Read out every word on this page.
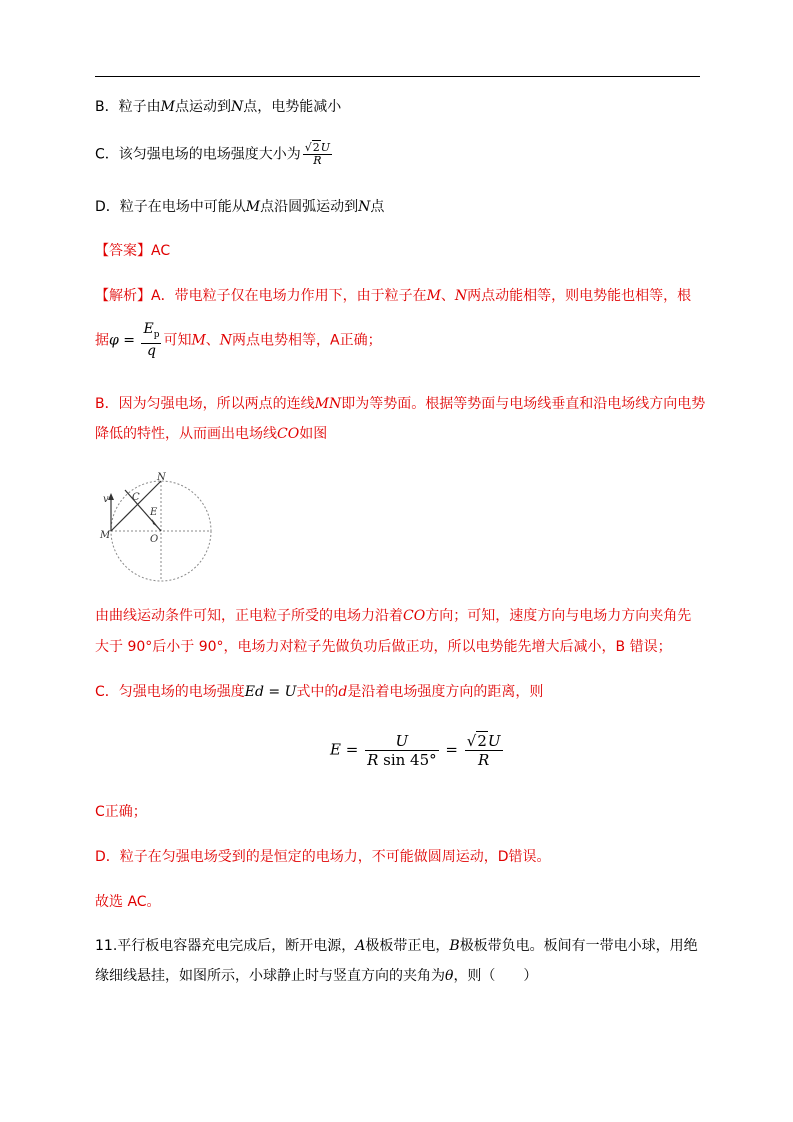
B．粒子由M点运动到N点，电势能减小
C．该匀强电场的电场强度大小为 $\frac{√2U}{R}$
D．粒子在电场中可能从M点沿圆弧运动到N点
【答案】AC
【解析】A．带电粒子仅在电场力作用下，由于粒子在M、N两点动能相等，则电势能也相等，根
据$\varphi = \frac{E_p}{q}$ 可知M、N两点电势相等，A正确；
B．因为匀强电场，所以两点的连线MN即为等势面。根据等势面与电场线垂直和沿电场线方向电势
降低的特性，从而画出电场线CO如图
N
v C
E
M	O
由曲线运动条件可知，正电粒子所受的电场力沿着CO方向；可知，速度方向与电场力方向夹角先
大于 90°后小于 90°，电场力对粒子先做负功后做正功，所以电势能先增大后减小，B 错误；
C．匀强电场的电场强度Ed = U式中的d是沿着电场强度方向的距离，则
$E = \frac{U}{\text{R sin 45°}} = \frac{√2U}{R}$
C正确；
D．粒子在匀强电场受到的是恒定的电场力，不可能做圆周运动，D错误。
故选 AC。
11.平行板电容器充电完成后，断开电源，A极板带正电，B极板带负电。板间有一带电小球，用绝
缘细线悬挂，如图所示，小球静止时与竖直方向的夹角为θ，则（　　）
